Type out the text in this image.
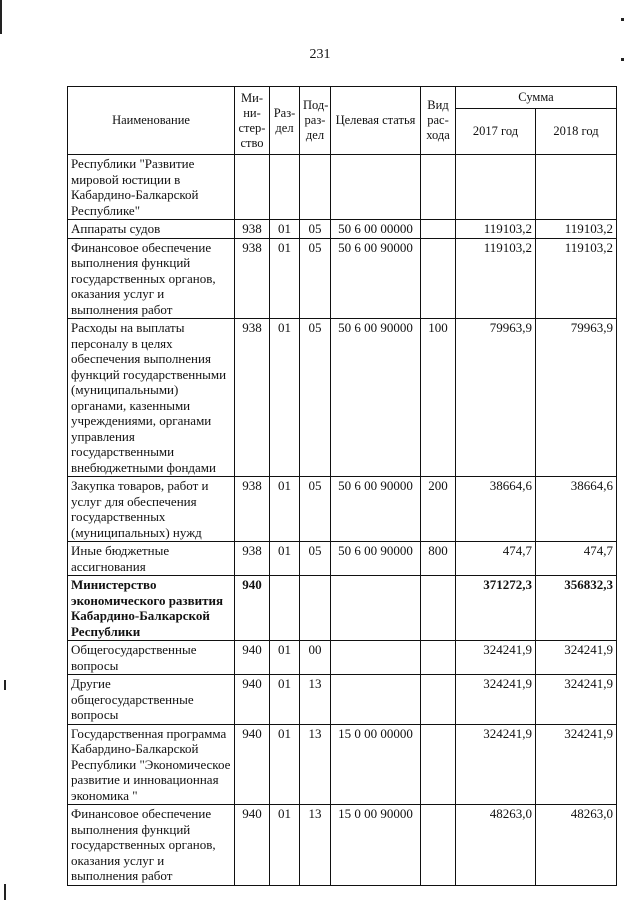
231
Наименование	Ми-ни-стер-ство	Раз-дел	Под-раз-дел	Целевая статья	Вид рас-хода	Сумма	
						2017 год	2018 год
Республики "Развитие мировой юстиции в Кабардино-Балкарской Республике"							
Аппараты судов	938	01	05	50 6 00 00000		119103,2	119103,2
Финансовое обеспечение выполнения функций государственных органов, оказания услуг и выполнения работ	938	01	05	50 6 00 90000		119103,2	119103,2
Расходы на выплаты персоналу в целях обеспечения выполнения функций государственными (муниципальными) органами, казенными учреждениями, органами управления государственными внебюджетными фондами	938	01	05	50 6 00 90000	100	79963,9	79963,9
Закупка товаров, работ и услуг для обеспечения государственных (муниципальных) нужд	938	01	05	50 6 00 90000	200	38664,6	38664,6
Иные бюджетные ассигнования	938	01	05	50 6 00 90000	800	474,7	474,7
Министерство экономического развития Кабардино-Балкарской Республики	940					371272,3	356832,3
Общегосударственные вопросы	940	01	00			324241,9	324241,9
Другие общегосударственные вопросы	940	01	13			324241,9	324241,9
Государственная программа Кабардино-Балкарской Республики "Экономическое развитие и инновационная экономика "	940	01	13	15 0 00 00000		324241,9	324241,9
Финансовое обеспечение выполнения функций государственных органов, оказания услуг и выполнения работ	940	01	13	15 0 00 90000		48263,0	48263,0
